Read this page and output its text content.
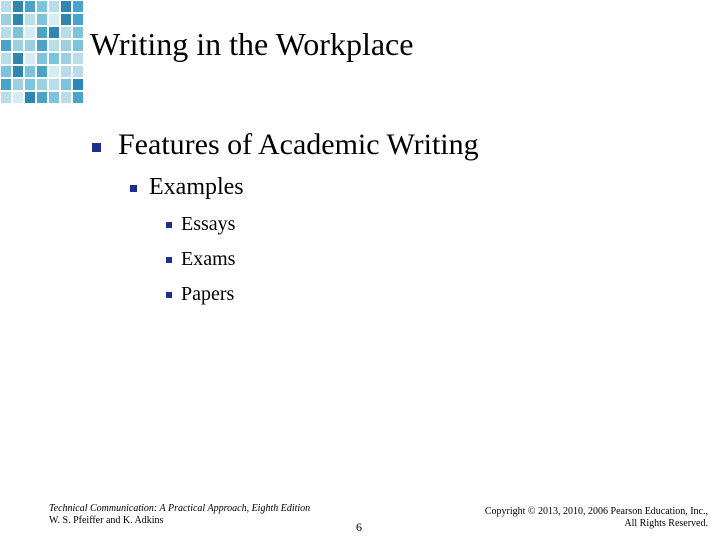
Writing in the Workplace
Features of Academic Writing
Examples
Essays
Exams
Papers
Technical Communication: A Practical Approach, Eighth Edition
W. S. Pfeiffer and K. Adkins	6
Copyright © 2013, 2010, 2006 Pearson Education, Inc.,
All Rights Reserved.
